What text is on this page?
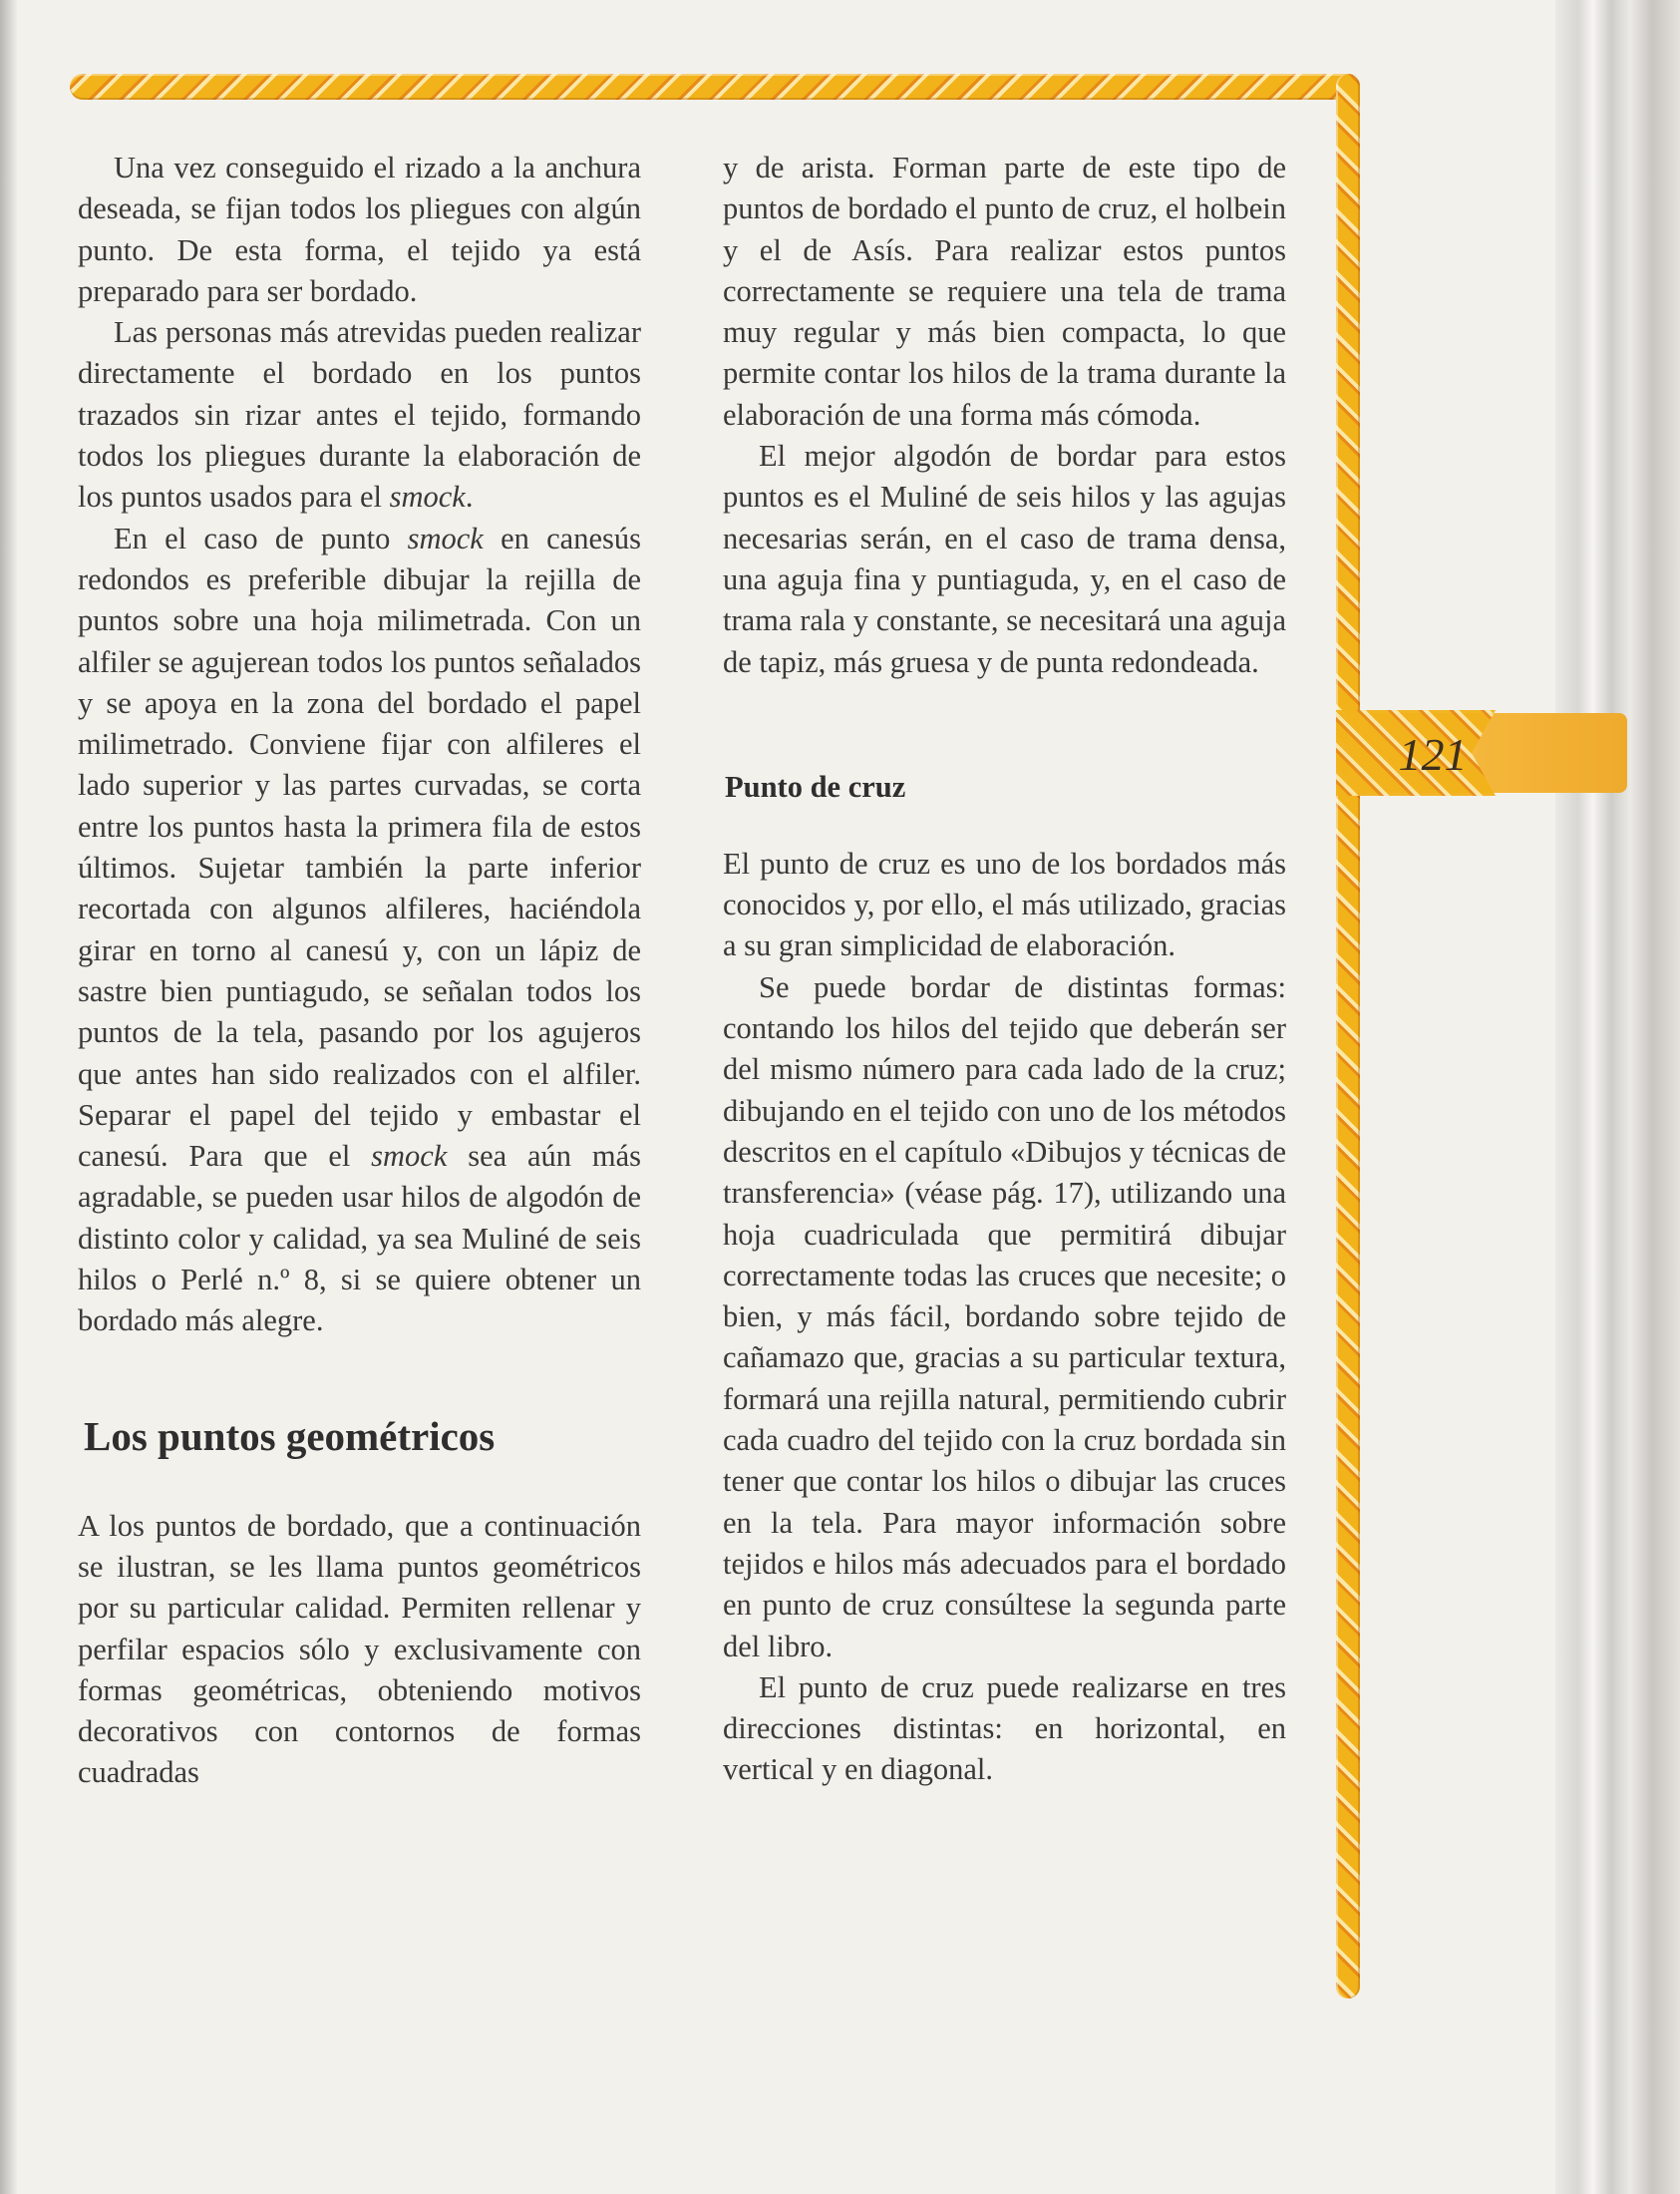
121

Una vez conseguido el rizado a la anchura deseada, se fijan todos los pliegues con algún punto. De esta forma, el tejido ya está preparado para ser bordado.

Las personas más atrevidas pueden realizar directamente el bordado en los puntos trazados sin rizar antes el tejido, formando todos los pliegues durante la elaboración de los puntos usados para el smock.

En el caso de punto smock en canesús redondos es preferible dibujar la rejilla de puntos sobre una hoja milimetrada. Con un alfiler se agujerean todos los puntos señalados y se apoya en la zona del bordado el papel milimetrado. Conviene fijar con alfileres el lado superior y las partes curvadas, se corta entre los puntos hasta la primera fila de estos últimos. Sujetar también la parte inferior recortada con algunos alfileres, haciéndola girar en torno al canesú y, con un lápiz de sastre bien puntiagudo, se señalan todos los puntos de la tela, pasando por los agujeros que antes han sido realizados con el alfiler. Separar el papel del tejido y embastar el canesú. Para que el smock sea aún más agradable, se pueden usar hilos de algodón de distinto color y calidad, ya sea Muliné de seis hilos o Perlé n.º 8, si se quiere obtener un bordado más alegre.

Los puntos geométricos

A los puntos de bordado, que a continuación se ilustran, se les llama puntos geométricos por su particular calidad. Permiten rellenar y perfilar espacios sólo y exclusivamente con formas geométricas, obteniendo motivos decorativos con contornos de formas cuadradas

y de arista. Forman parte de este tipo de puntos de bordado el punto de cruz, el holbein y el de Asís. Para realizar estos puntos correctamente se requiere una tela de trama muy regular y más bien compacta, lo que permite contar los hilos de la trama durante la elaboración de una forma más cómoda.

El mejor algodón de bordar para estos puntos es el Muliné de seis hilos y las agujas necesarias serán, en el caso de trama densa, una aguja fina y puntiaguda, y, en el caso de trama rala y constante, se necesitará una aguja de tapiz, más gruesa y de punta redondeada.

Punto de cruz

El punto de cruz es uno de los bordados más conocidos y, por ello, el más utilizado, gracias a su gran simplicidad de elaboración.

Se puede bordar de distintas formas: contando los hilos del tejido que deberán ser del mismo número para cada lado de la cruz; dibujando en el tejido con uno de los métodos descritos en el capítulo «Dibujos y técnicas de transferencia» (véase pág. 17), utilizando una hoja cuadriculada que permitirá dibujar correctamente todas las cruces que necesite; o bien, y más fácil, bordando sobre tejido de cañamazo que, gracias a su particular textura, formará una rejilla natural, permitiendo cubrir cada cuadro del tejido con la cruz bordada sin tener que contar los hilos o dibujar las cruces en la tela. Para mayor información sobre tejidos e hilos más adecuados para el bordado en punto de cruz consúltese la segunda parte del libro.

El punto de cruz puede realizarse en tres direcciones distintas: en horizontal, en vertical y en diagonal.
